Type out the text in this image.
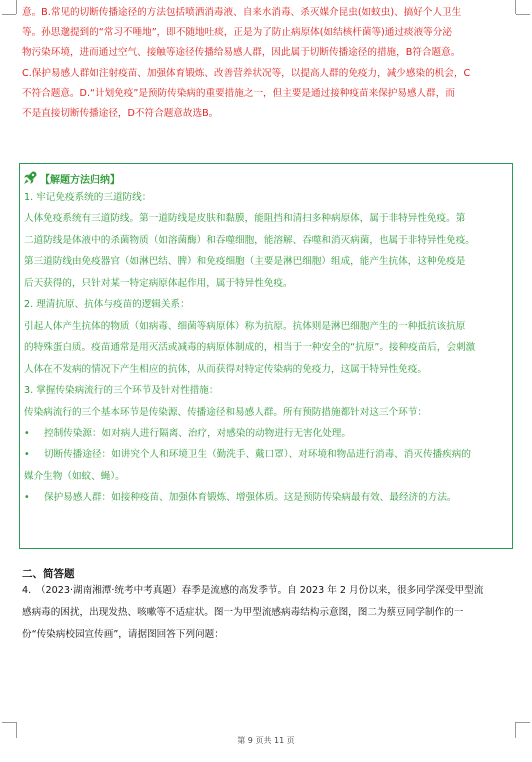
意。B.常见的切断传播途径的方法包括喷洒消毒液、自来水消毒、杀灭媒介昆虫(如蚊虫)、搞好个人卫生

等。孙思邈提到的“常习不唾地”，即不随地吐痰，正是为了防止病原体(如结核杆菌等)通过痰液等分泌

物污染环境，进而通过空气、接触等途径传播给易感人群，因此属于切断传播途径的措施，B符合题意。

C.保护易感人群如注射疫苗、加强体育锻炼、改善营养状况等，以提高人群的免疫力，减少感染的机会，C

不符合题意。D.“计划免疫”是预防传染病的重要措施之一，但主要是通过接种疫苗来保护易感人群，而

不是直接切断传播途径，D不符合题意故选B。

【解题方法归纳】

1. 牢记免疫系统的三道防线：

人体免疫系统有三道防线。第一道防线是皮肤和黏膜，能阻挡和清扫多种病原体，属于非特异性免疫。第

二道防线是体液中的杀菌物质（如溶菌酶）和吞噬细胞，能溶解、吞噬和消灭病菌，也属于非特异性免疫。

第三道防线由免疫器官（如淋巴结、脾）和免疫细胞（主要是淋巴细胞）组成，能产生抗体，这种免疫是

后天获得的，只针对某一特定病原体起作用，属于特异性免疫。

2. 理清抗原、抗体与疫苗的逻辑关系：

引起人体产生抗体的物质（如病毒、细菌等病原体）称为抗原。抗体则是淋巴细胞产生的一种抵抗该抗原

的特殊蛋白质。疫苗通常是用灭活或减毒的病原体制成的，相当于一种安全的“抗原”。接种疫苗后，会刺激

人体在不发病的情况下产生相应的抗体，从而获得对特定传染病的免疫力，这属于特异性免疫。

3. 掌握传染病流行的三个环节及针对性措施：

传染病流行的三个基本环节是传染源、传播途径和易感人群。所有预防措施都针对这三个环节：

• 控制传染源：如对病人进行隔离、治疗，对感染的动物进行无害化处理。

• 切断传播途径：如讲究个人和环境卫生（勤洗手、戴口罩）、对环境和物品进行消毒、消灭传播疾病的

媒介生物（如蚊、蝇）。

• 保护易感人群：如接种疫苗、加强体育锻炼、增强体质。这是预防传染病最有效、最经济的方法。

二、简答题

4.　（2023·湖南湘潭·统考中考真题）春季是流感的高发季节。自 2023 年 2 月份以来，很多同学深受甲型流

感病毒的困扰，出现发热、咳嗽等不适症状。图一为甲型流感病毒结构示意图，图二为蔡豆同学制作的一

份“传染病校园宣传画”，请据图回答下列问题：

第 9 页共 11 页
